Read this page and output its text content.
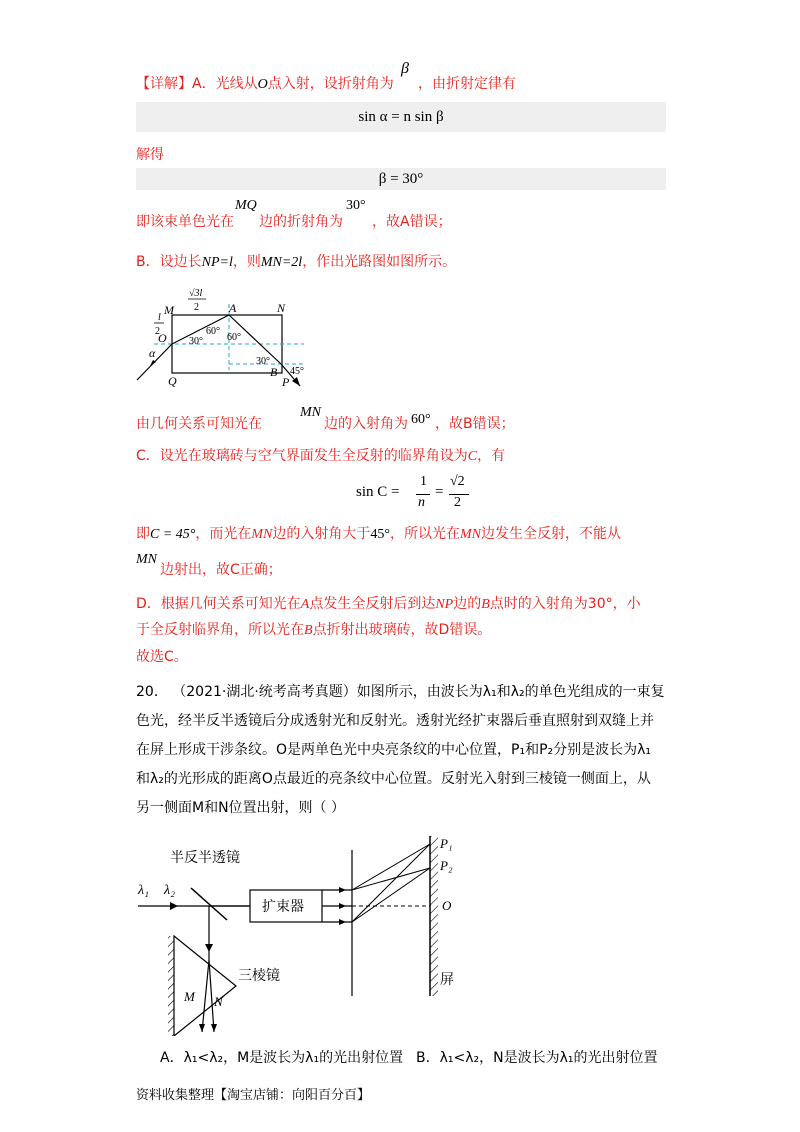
【详解】A．光线从O点入射，设折射角为
β
，由折射定律有
sin α = n sin β
解得
β = 30°
即该束单色光在
MQ
边的折射角为
30°
，故A错误；
B．设边长NP=l，则MN=2l，作出光路图如图所示。
M	N
A
O
Q
B
P
α
l
2
√3l
2
60°
60°
30°
30°
45°
由几何关系可知光在
MN
边的入射角为 60° ，故B错误；
C．设光在玻璃砖与空气界面发生全反射的临界角设为C，有
sin C =
1
n
=
√2
2
即C = 45°，而光在MN边的入射角大于45°，所以光在MN边发生全反射，不能从
MN
边射出，故C正确；
D．根据几何关系可知光在A点发生全反射后到达NP边的B点时的入射角为30°，小
于全反射临界角，所以光在B点折射出玻璃砖，故D错误。
故选C。
20． （2021·湖北·统考高考真题）如图所示，由波长为λ₁和λ₂的单色光组成的一束复
色光，经半反半透镜后分成透射光和反射光。透射光经扩束器后垂直照射到双缝上并
在屏上形成干涉条纹。O是两单色光中央亮条纹的中心位置，P₁和P₂分别是波长为λ₁
和λ₂的光形成的距离O点最近的亮条纹中心位置。反射光入射到三棱镜一侧面上，从
另一侧面M和N位置出射，则（ ）
半反半透镜
λ₁ λ₂
扩束器
P₁
P₂
O
屏
三棱镜
M N
A．λ₁<λ₂，M是波长为λ₁的光出射位置 B．λ₁<λ₂，N是波长为λ₁的光出射位置
资料收集整理【淘宝店铺：向阳百分百】
